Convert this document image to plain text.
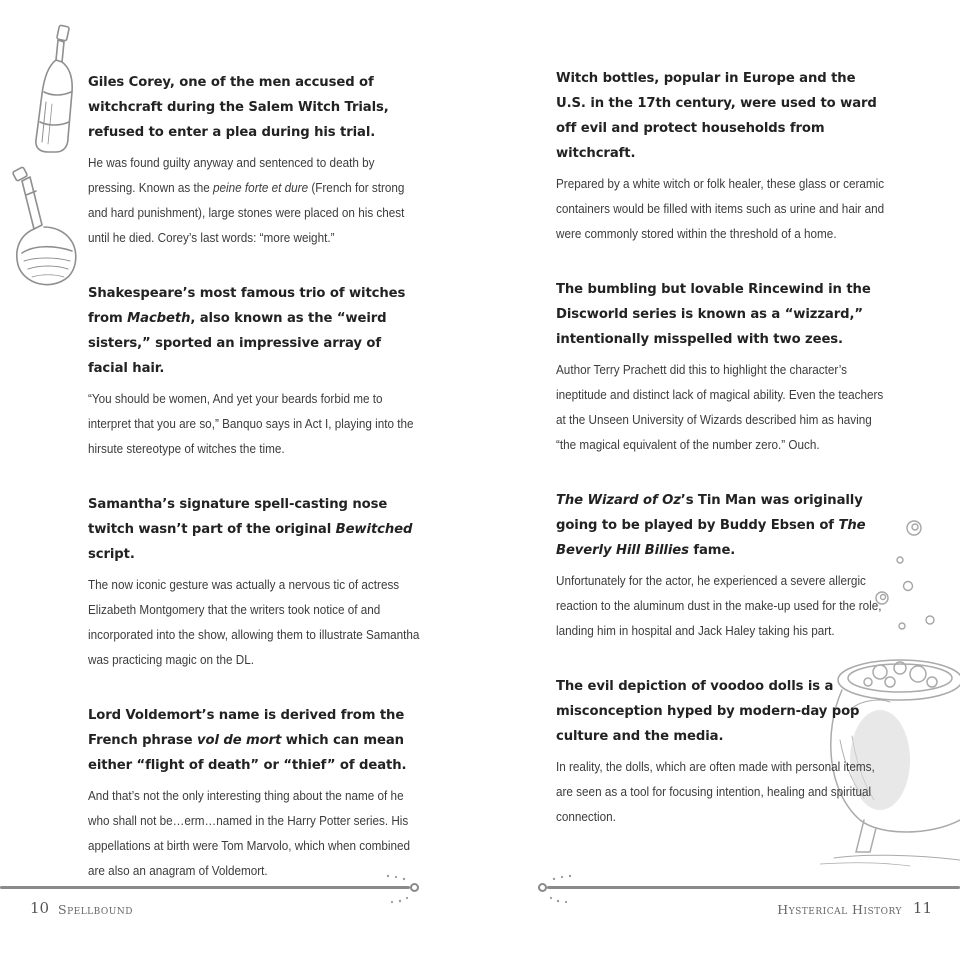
Giles Corey, one of the men accused of witchcraft during the Salem Witch Trials, refused to enter a plea during his trial.
He was found guilty anyway and sentenced to death by pressing. Known as the peine forte et dure (French for strong and hard punishment), large stones were placed on his chest until he died. Corey’s last words: “more weight.”
Shakespeare’s most famous trio of witches from Macbeth, also known as the “weird sisters,” sported an impressive array of facial hair.
“You should be women, And yet your beards forbid me to interpret that you are so,” Banquo says in Act I, playing into the hirsute stereotype of witches the time.
Samantha’s signature spell-casting nose twitch wasn’t part of the original Bewitched script.
The now iconic gesture was actually a nervous tic of actress Elizabeth Montgomery that the writers took notice of and incorporated into the show, allowing them to illustrate Samantha was practicing magic on the DL.
Lord Voldemort’s name is derived from the French phrase vol de mort which can mean either “flight of death” or “thief” of death.
And that’s not the only interesting thing about the name of he who shall not be…erm…named in the Harry Potter series. His appellations at birth were Tom Marvolo, which when combined are also an anagram of Voldemort.
10 Spellbound
Witch bottles, popular in Europe and the U.S. in the 17th century, were used to ward off evil and protect households from witchcraft.
Prepared by a white witch or folk healer, these glass or ceramic containers would be filled with items such as urine and hair and were commonly stored within the threshold of a home.
The bumbling but lovable Rincewind in the Discworld series is known as a “wizzard,” intentionally misspelled with two zees.
Author Terry Prachett did this to highlight the character’s ineptitude and distinct lack of magical ability. Even the teachers at the Unseen University of Wizards described him as having “the magical equivalent of the number zero.” Ouch.
The Wizard of Oz’s Tin Man was originally going to be played by Buddy Ebsen of The Beverly Hill Billies fame.
Unfortunately for the actor, he experienced a severe allergic reaction to the aluminum dust in the make-up used for the role, landing him in hospital and Jack Haley taking his part.
The evil depiction of voodoo dolls is a misconception hyped by modern-day pop culture and the media.
In reality, the dolls, which are often made with personal items, are seen as a tool for focusing intention, healing and spiritual connection.
Hysterical History 11
